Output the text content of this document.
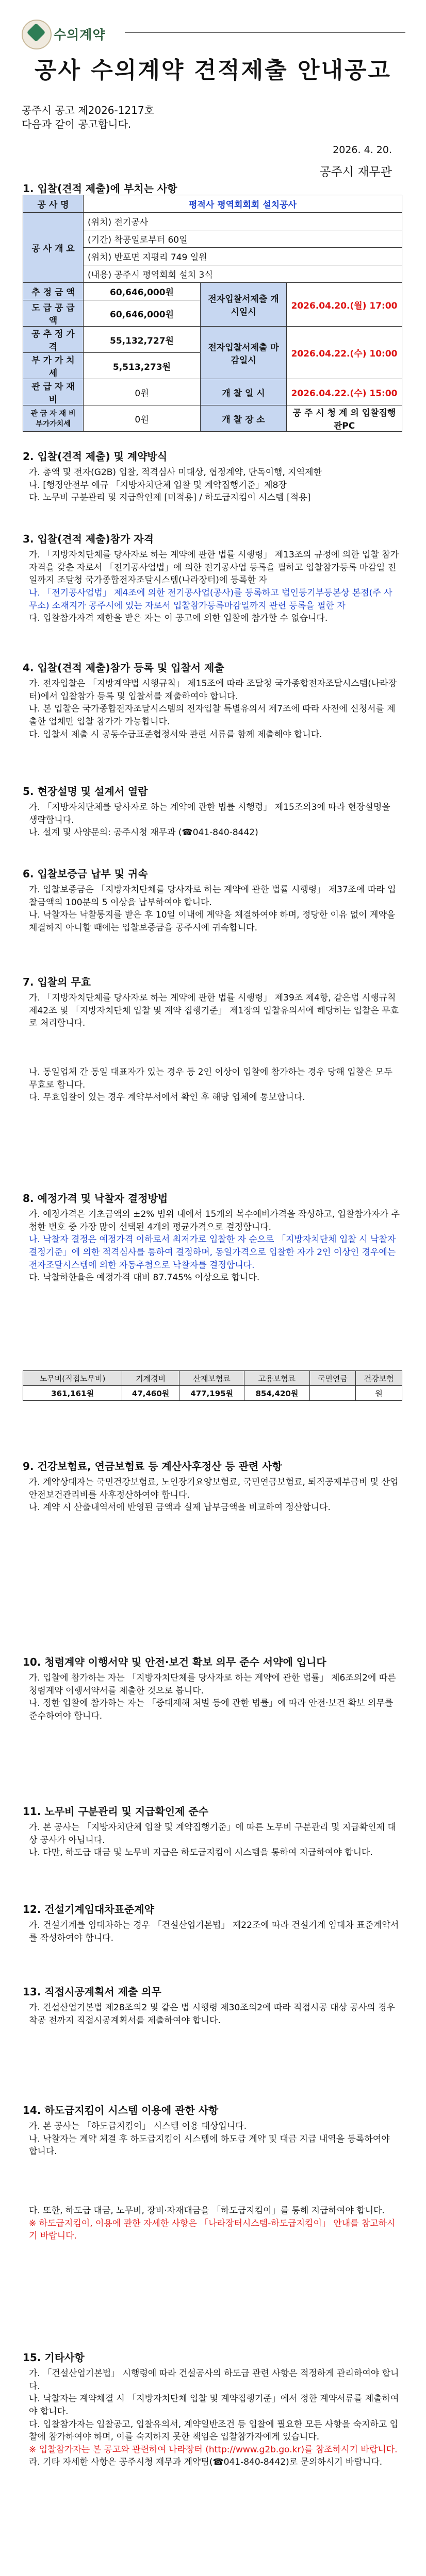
수의계약
공사 수의계약 견적제출 안내공고
공주시 공고 제2026-1217호
다음과 같이 공고합니다.
2026. 4. 20.
공주시 재무관
1. 입찰(견적 제출)에 부치는 사항
공 사 명	평적사 평역회회회 설치공사		
공 사 개 요	(위치) 전기공사		
	(기간) 착공일로부터 60일		
	(위치) 반포면 지평리 749 일원		
	(내용) 공주시 평역회회 설치 3식		
추 정 금 액	60,646,000원	전자입찰서제출 개시일시	2026.04.20.(월) 17:00
도 급 공 급 액	60,646,000원		
공 추 정 가 격	55,132,727원	전자입찰서제출 마감일시	2026.04.22.(수) 10:00
부 가 가 치 세	5,513,273원		
관 급 자 재 비	0원	개 찰 일 시	2026.04.22.(수) 15:00
관 급 자 재 비 부가가치세	0원	개 찰 장 소	공 주 시 청 계 의 입찰집행관PC
2. 입찰(견적 제출) 및 계약방식
가. 총액 및 전자(G2B) 입찰, 적격심사 미대상, 협정계약, 단독이행, 지역제한
나. [행정안전부 예규 「지방자치단체 입찰 및 계약집행기준」제8장
다. 노무비 구분관리 및 지급확인제 [미적용] / 하도급지킴이 시스템 [적용]
3. 입찰(견적 제출)참가 자격
가. 「지방자치단체를 당사자로 하는 계약에 관한 법률 시행령」 제13조의 규정에 의한 입찰 참가자격을 갖춘 자로서 「전기공사업법」에 의한 전기공사업 등록을 필하고 입찰참가등록 마감일 전일까지 조달청 국가종합전자조달시스템(나라장터)에 등록한 자
나. 「전기공사업법」 제4조에 의한 전기공사업(공사)를 등록하고 법인등기부등본상 본점(주 사무소) 소재지가 공주시에 있는 자로서 입찰참가등록마감일까지 관련 등록을 필한 자
다. 입찰참가자격 제한을 받은 자는 이 공고에 의한 입찰에 참가할 수 없습니다.
4. 입찰(견적 제출)참가 등록 및 입찰서 제출
가. 전자입찰은 「지방계약법 시행규칙」 제15조에 따라 조달청 국가종합전자조달시스템(나라장터)에서 입찰참가 등록 및 입찰서를 제출하여야 합니다.
나. 본 입찰은 국가종합전자조달시스템의 전자입찰 특별유의서 제7조에 따라 사전에 신청서를 제출한 업체만 입찰 참가가 가능합니다.
다. 입찰서 제출 시 공동수급표준협정서와 관련 서류를 함께 제출해야 합니다.
5. 현장설명 및 설계서 열람
가. 「지방자치단체를 당사자로 하는 계약에 관한 법률 시행령」 제15조의3에 따라 현장설명을 생략합니다.
나. 설계 및 사양문의: 공주시청 재무과 (☎041-840-8442)
6. 입찰보증금 납부 및 귀속
가. 입찰보증금은 「지방자치단체를 당사자로 하는 계약에 관한 법률 시행령」 제37조에 따라 입찰금액의 100분의 5 이상을 납부하여야 합니다.
나. 낙찰자는 낙찰통지를 받은 후 10일 이내에 계약을 체결하여야 하며, 정당한 이유 없이 계약을 체결하지 아니할 때에는 입찰보증금을 공주시에 귀속합니다.
7. 입찰의 무효
가. 「지방자치단체를 당사자로 하는 계약에 관한 법률 시행령」 제39조 제4항, 같은법 시행규칙 제42조 및 「지방자치단체 입찰 및 계약 집행기준」 제1장의 입찰유의서에 해당하는 입찰은 무효로 처리합니다.
나. 동일업체 간 동일 대표자가 있는 경우 등 2인 이상이 입찰에 참가하는 경우 당해 입찰은 모두 무효로 합니다.
다. 무효입찰이 있는 경우 계약부서에서 확인 후 해당 업체에 통보합니다.
8. 예정가격 및 낙찰자 결정방법
가. 예정가격은 기초금액의 ±2% 범위 내에서 15개의 복수예비가격을 작성하고, 입찰참가자가 추첨한 번호 중 가장 많이 선택된 4개의 평균가격으로 결정합니다.
나. 낙찰자 결정은 예정가격 이하로서 최저가로 입찰한 자 순으로 「지방자치단체 입찰 시 낙찰자 결정기준」에 의한 적격심사를 통하여 결정하며, 동일가격으로 입찰한 자가 2인 이상인 경우에는 전자조달시스템에 의한 자동추첨으로 낙찰자를 결정합니다.
다. 낙찰하한율은 예정가격 대비 87.745% 이상으로 합니다.
노무비(직접노무비)	기계경비	산재보험료	고용보험료	국민연금	건강보험
361,161원	47,460원	477,195원	854,420원		원
9. 건강보험료, 연금보험료 등 계산사후정산 등 관련 사항
가. 계약상대자는 국민건강보험료, 노인장기요양보험료, 국민연금보험료, 퇴직공제부금비 및 산업안전보건관리비를 사후정산하여야 합니다.
나. 계약 시 산출내역서에 반영된 금액과 실제 납부금액을 비교하여 정산합니다.
10. 청렴계약 이행서약 및 안전·보건 확보 의무 준수 서약에 입니다
가. 입찰에 참가하는 자는 「지방자치단체를 당사자로 하는 계약에 관한 법률」 제6조의2에 따른 청렴계약 이행서약서를 제출한 것으로 봅니다.
나. 정한 입찰에 참가하는 자는 「중대재해 처벌 등에 관한 법률」에 따라 안전·보건 확보 의무를 준수하여야 합니다.
11. 노무비 구분관리 및 지급확인제 준수
가. 본 공사는 「지방자치단체 입찰 및 계약집행기준」에 따른 노무비 구분관리 및 지급확인제 대상 공사가 아닙니다.
나. 다만, 하도급 대금 및 노무비 지급은 하도급지킴이 시스템을 통하여 지급하여야 합니다.
12. 건설기계임대차표준계약
가. 건설기계를 임대차하는 경우 「건설산업기본법」 제22조에 따라 건설기계 임대차 표준계약서를 작성하여야 합니다.
13. 직접시공계획서 제출 의무
가. 건설산업기본법 제28조의2 및 같은 법 시행령 제30조의2에 따라 직접시공 대상 공사의 경우 착공 전까지 직접시공계획서를 제출하여야 합니다.
14. 하도급지킴이 시스템 이용에 관한 사항
가. 본 공사는 「하도급지킴이」 시스템 이용 대상입니다.
나. 낙찰자는 계약 체결 후 하도급지킴이 시스템에 하도급 계약 및 대금 지급 내역을 등록하여야 합니다.
다. 또한, 하도급 대금, 노무비, 장비·자재대금을 「하도급지킴이」를 통해 지급하여야 합니다.
※ 하도급지킴이, 이용에 관한 자세한 사항은 「나라장터시스템-하도급지킴이」 안내를 참고하시기 바랍니다.
15. 기타사항
가. 「건설산업기본법」 시행령에 따라 건설공사의 하도급 관련 사항은 적정하게 관리하여야 합니다.
나. 낙찰자는 계약체결 시 「지방자치단체 입찰 및 계약집행기준」에서 정한 계약서류를 제출하여야 합니다.
다. 입찰참가자는 입찰공고, 입찰유의서, 계약일반조건 등 입찰에 필요한 모든 사항을 숙지하고 입찰에 참가하여야 하며, 이를 숙지하지 못한 책임은 입찰참가자에게 있습니다.
※ 입찰참가자는 본 공고와 관련하여 나라장터 (http://www.g2b.go.kr)를 참조하시기 바랍니다.
라. 기타 자세한 사항은 공주시청 재무과 계약팀(☎041-840-8442)로 문의하시기 바랍니다.
